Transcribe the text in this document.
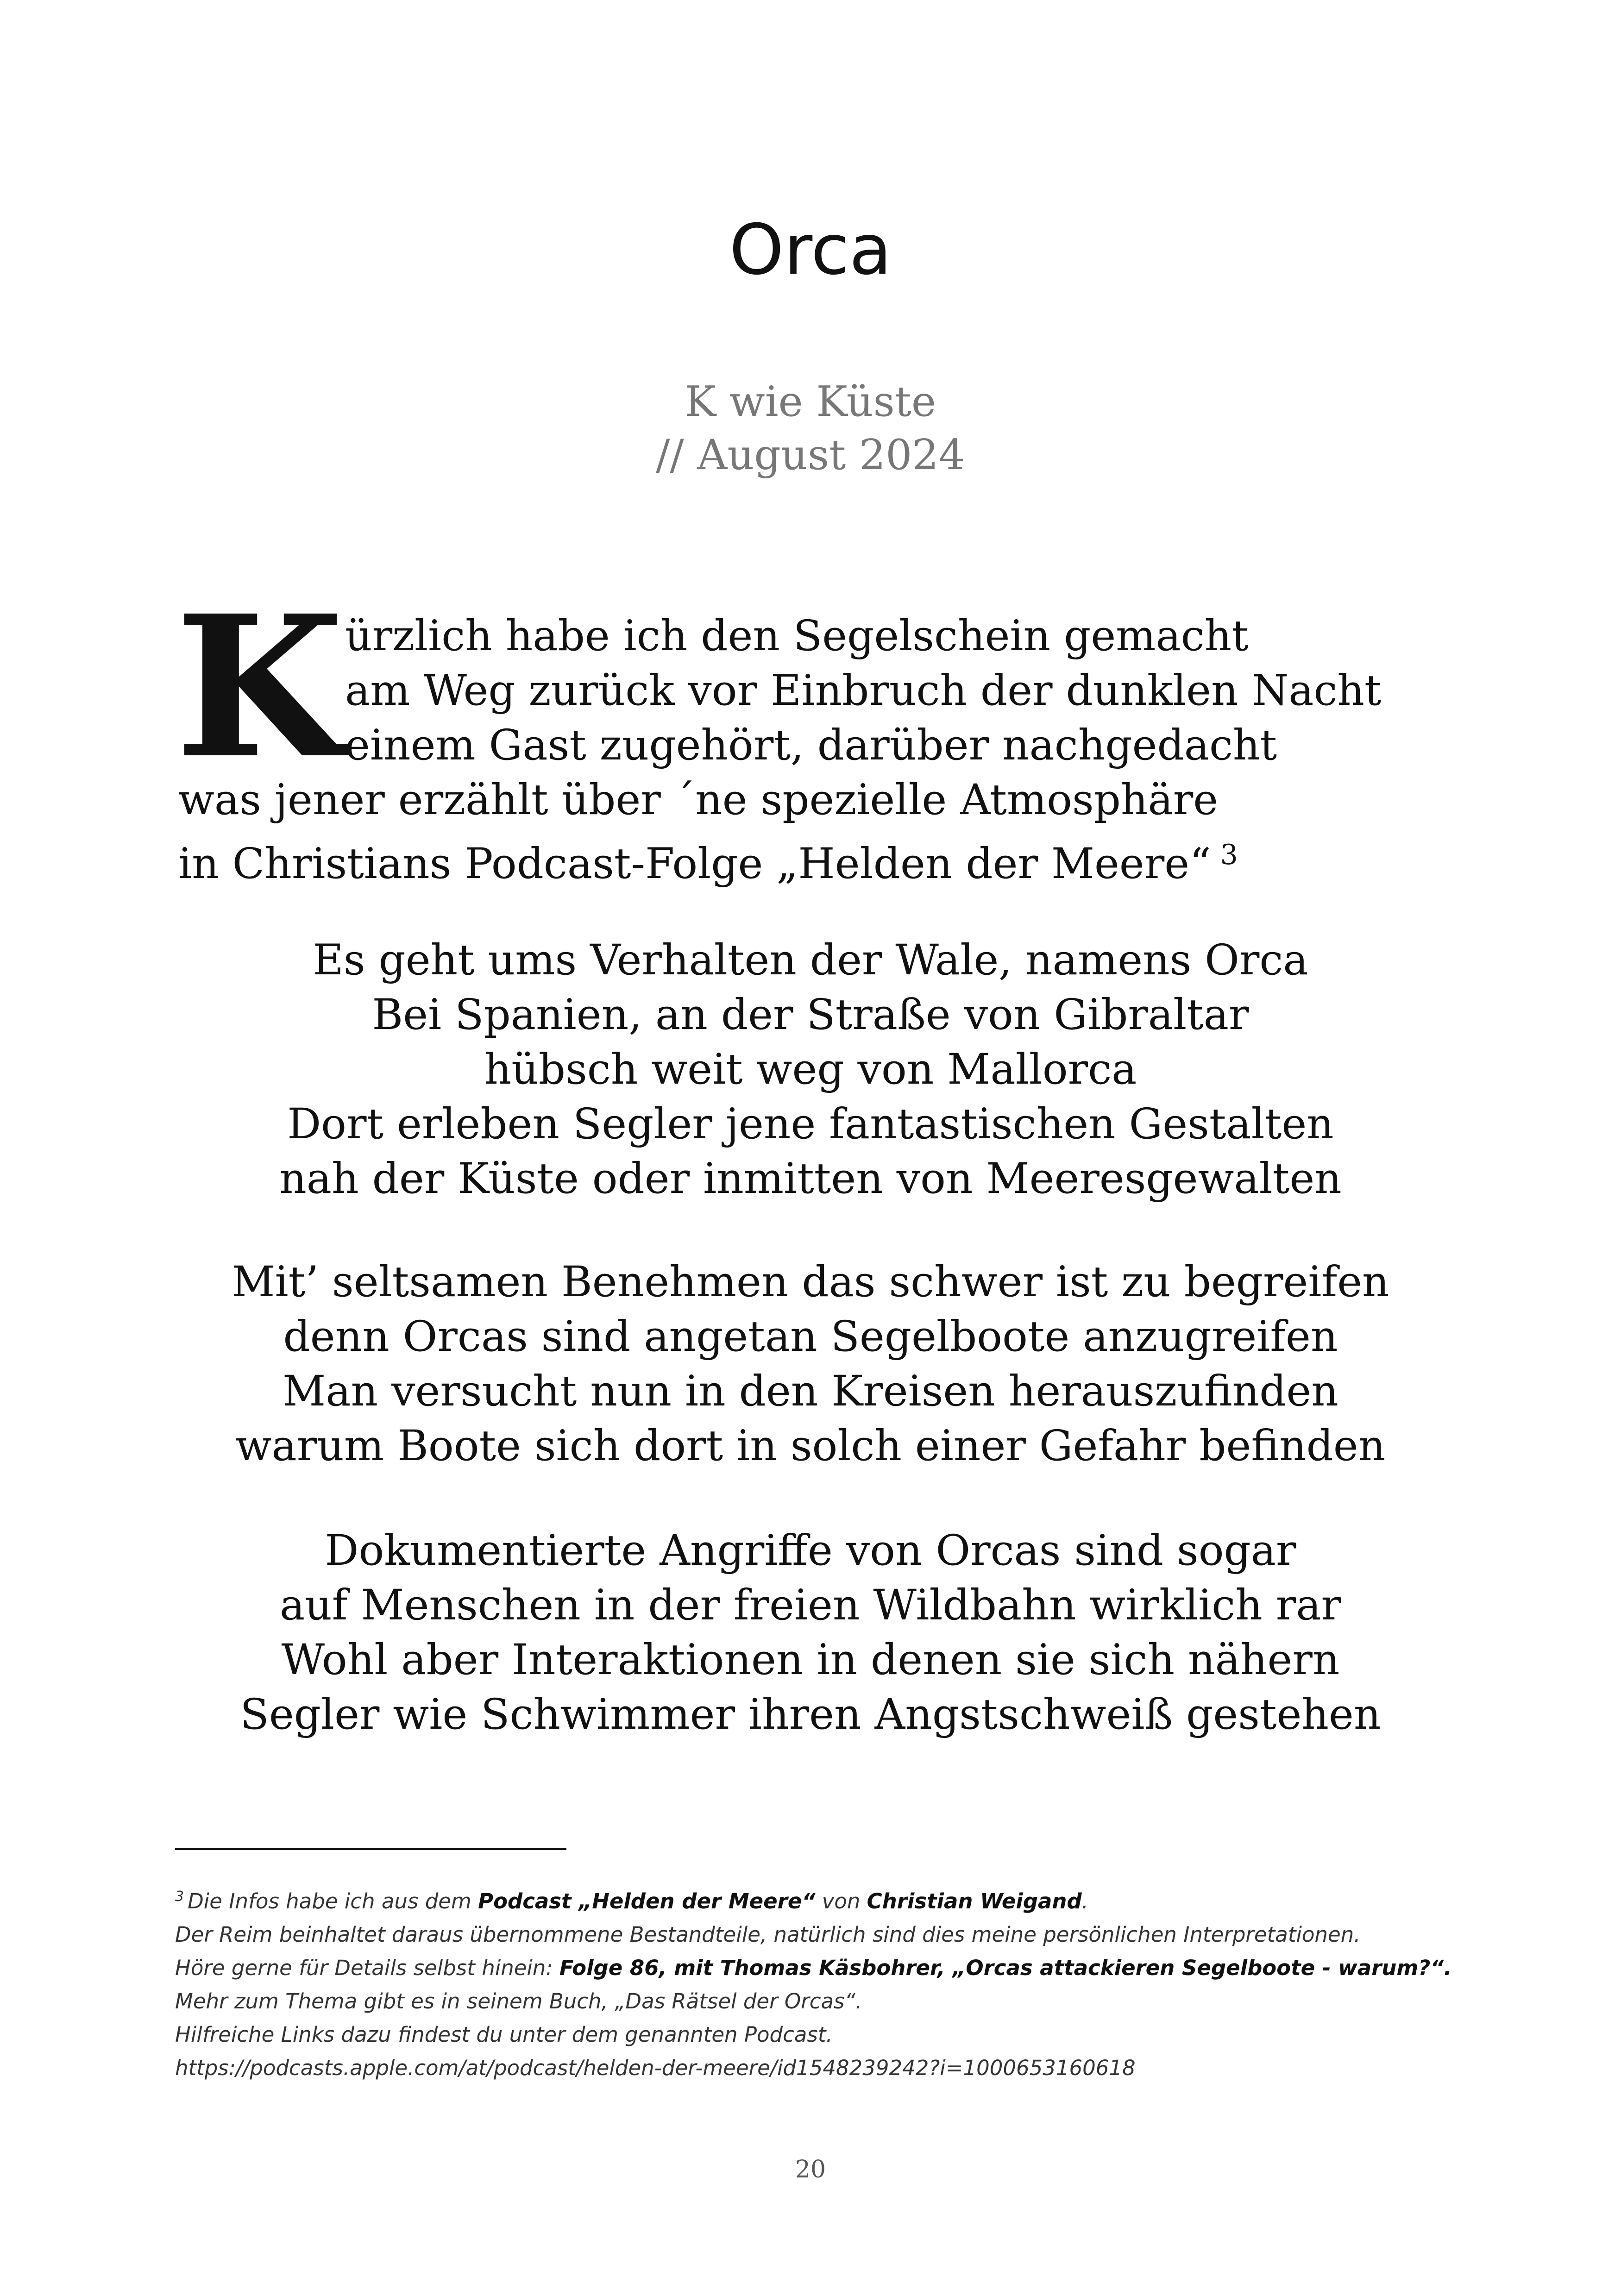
Orca
K wie Küste
// August 2024
K ürzlich habe ich den Segelschein gemacht
am Weg zurück vor Einbruch der dunklen Nacht
einem Gast zugehört, darüber nachgedacht
was jener erzählt über ´ne spezielle Atmosphäre
in Christians Podcast-Folge „Helden der Meere“ $^3$
Es geht ums Verhalten der Wale, namens Orca
Bei Spanien, an der Straße von Gibraltar
hübsch weit weg von Mallorca
Dort erleben Segler jene fantastischen Gestalten
nah der Küste oder inmitten von Meeresgewalten
Mit’ seltsamen Benehmen das schwer ist zu begreifen
denn Orcas sind angetan Segelboote anzugreifen
Man versucht nun in den Kreisen herauszufinden
warum Boote sich dort in solch einer Gefahr befinden
Dokumentierte Angriffe von Orcas sind sogar
auf Menschen in der freien Wildbahn wirklich rar
Wohl aber Interaktionen in denen sie sich nähern
Segler wie Schwimmer ihren Angstschweiß gestehen
$^3$ Die Infos habe ich aus dem Podcast „Helden der Meere“ von Christian Weigand.
Der Reim beinhaltet daraus übernommene Bestandteile, natürlich sind dies meine persönlichen Interpretationen.
Höre gerne für Details selbst hinein: Folge 86, mit Thomas Käsbohrer, „Orcas attackieren Segelboote - warum?“.
Mehr zum Thema gibt es in seinem Buch, „Das Rätsel der Orcas“.
Hilfreiche Links dazu findest du unter dem genannten Podcast.
https://podcasts.apple.com/at/podcast/helden-der-meere/id1548239242?i=1000653160618
20
